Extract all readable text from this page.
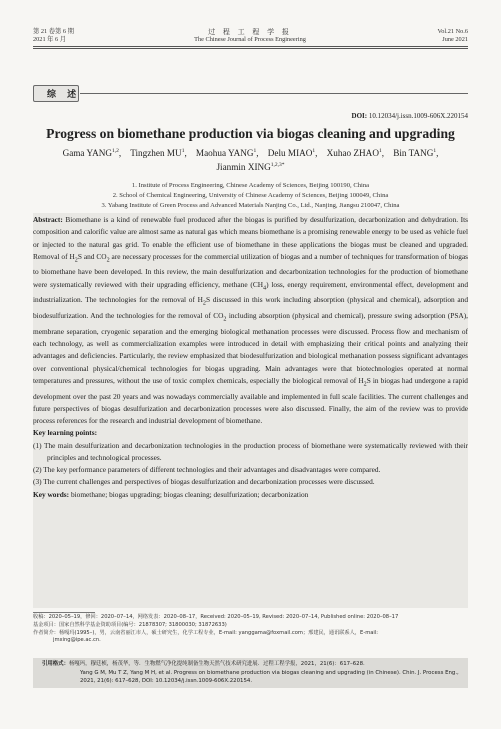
第 21 卷第 6 期
2021 年 6 月
过 程 工 程 学 报
The Chinese Journal of Process Engineering
Vol.21 No.6
June 2021
综 述
DOI: 10.12034/j.issn.1009-606X.220154
Progress on biomethane production via biogas cleaning and upgrading
Gama YANG$^{1,2}$,    Tingzhen $MU^1$,    Maohua YANG$^1$,    Delu MIAO$^1$,    Xuhao ZHAO$^1$,    Bin TANG$^1$,
Jianmin $XING^{1,2,3*}$
1. Institute of Process Engineering, Chinese Academy of Sciences, Beijing 100190, China
2. School of Chemical Engineering, University of Chinese Academy of Sciences, Beijing 100049, China
3. Yabang Institute of Green Process and Advanced Materials Nanjing Co., Ltd., Nanjing, Jiangsu 210047, China

Abstract: Biomethane is a kind of renewable fuel produced after the biogas is purified by desulfurization, decarbonization and dehydration. Its composition and calorific value are almost same as natural gas which means biomethane is a promising renewable energy to be used as vehicle fuel or injected to the natural gas grid. To enable the efficient use of biomethane in these applications the biogas must be cleaned and upgraded. Removal of $H_2S$ and $CO_2$ are necessary processes for the commercial utilization of biogas and a number of techniques for transformation of biogas to biomethane have been developed. In this review, the main desulfurization and decarbonization technologies for the production of biomethane were systematically reviewed with their upgrading efficiency, methane $(CH_4)$ loss, energy requirement, environmental effect, development and industrialization. The technologies for the removal of $H_2S$ discussed in this work including absorption (physical and chemical), adsorption and biodesulfurization. And the technologies for the removal of $CO_2$ including absorption (physical and chemical), pressure swing adsorption (PSA), membrane separation, cryogenic separation and the emerging biological methanation processes were discussed. Process flow and mechanism of each technology, as well as commercialization examples were introduced in detail with emphasizing their critical points and analyzing their advantages and deficiencies. Particularly, the review emphasized that biodesulfurization and biological methanation possess significant advantages over conventional physical/chemical technologies for biogas upgrading. Main advantages were that biotechnologies operated at normal temperatures and pressures, without the use of toxic complex chemicals, especially the biological removal of $H_2S$ in biogas had undergone a rapid development over the past 20 years and was nowadays commercially available and implemented in full scale facilities. The current challenges and future perspectives of biogas desulfurization and decarbonization processes were also discussed. Finally, the aim of the review was to provide process references for the research and industrial development of biomethane.

Key learning points:

(1) The main desulfurization and decarbonization technologies in the production process of biomethane were systematically reviewed with their principles and technological processes.

(2) The key performance parameters of different technologies and their advantages and disadvantages were compared.

(3) The current challenges and perspectives of biogas desulfurization and decarbonization processes were discussed.

Key words: biomethane; biogas upgrading; biogas cleaning; desulfurization; decarbonization

收稿：2020–05–19，修回：2020–07–14，网络发表：2020–08–17，Received: 2020–05–19, Revised: 2020–07–14, Published online: 2020–08–17

基金项目：国家自然科学基金资助项目(编号：21878307; 31800030; 31872633)

作者简介：杨嘎玛(1995–)，男，云南省丽江市人，硕士研究生，化学工程专业，E-mail: yanggama@foxmail.com；邢建民，通讯联系人，E-mail:

jmxing@ipe.ac.cn.

引用格式：杨嘎玛，穆廷桢，杨茂华，等．生物燃气净化提纯制备生物天然气技术研究进展．过程工程学报，2021，21(6)：617–628.

Yang G M, Mu T Z, Yang M H, et al. Progress on biomethane production via biogas cleaning and upgrading (in Chinese). Chin. J. Process Eng.,

2021, 21(6): 617–628, DOI: 10.12034/j.issn.1009-606X.220154.
